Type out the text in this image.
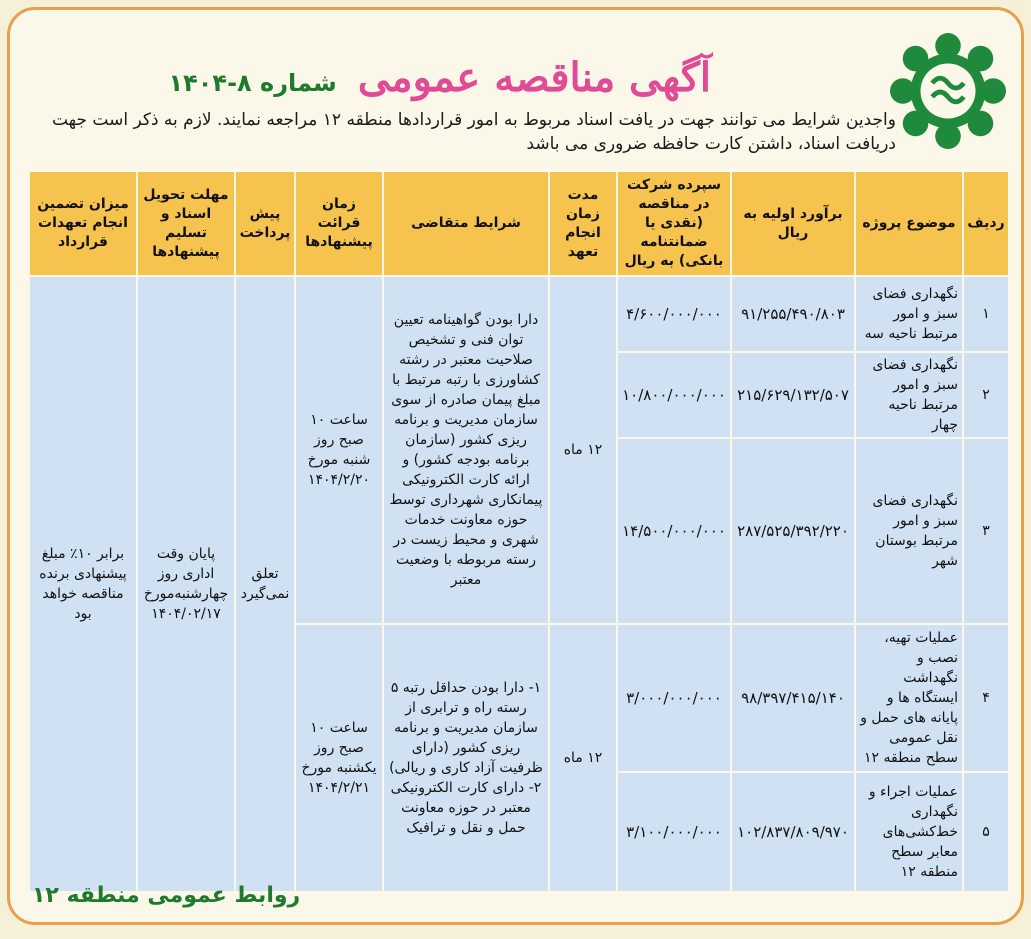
آگهی مناقصه عمومی شماره ۸-۱۴۰۴
واجدین شرایط می توانند جهت در یافت اسناد مربوط به امور قراردادها منطقه ۱۲ مراجعه نمایند. لازم به ذکر است جهت دریافت اسناد، داشتن کارت حافظه ضروری می باشد
ردیف	موضوع پروژه	برآورد اولیه به ریال	سپرده شرکت در مناقصه (نقدی یا ضمانتنامه بانکی) به ریال	مدت زمان انجام تعهد	شرایط متقاضی	زمان قرائت پیشنهادها	پیش پرداخت	مهلت تحویل اسناد و تسلیم پیشنهادها	میزان تضمین انجام تعهدات قرارداد
۱	نگهداری فضای سبز و امور مرتبط ناحیه سه	۹۱/۲۵۵/۴۹۰/۸۰۳	۴/۶۰۰/۰۰۰/۰۰۰	۱۲ ماه	دارا بودن گواهینامه تعیین توان فنی و تشخیص صلاحیت معتبر در رشته کشاورزی با رتبه مرتبط با مبلغ پیمان صادره از سوی سازمان مدیریت و برنامه ریزی کشور (سازمان برنامه بودجه کشور) و ارائه کارت الکترونیکی پیمانکاری شهرداری توسط حوزه معاونت خدمات شهری و محیط زیست در رسته مربوطه با وضعیت معتبر	ساعت ۱۰ صبح روز شنبه مورخ ۱۴۰۴/۲/۲۰	تعلق نمی‌گیرد	پایان وقت اداری روز چهارشنبه‌مورخ ۱۴۰۴/۰۲/۱۷	برابر ۱۰٪ مبلغ پیشنهادی برنده مناقصه خواهد بود
۲	نگهداری فضای سبز و امور مرتبط ناحیه چهار	۲۱۵/۶۲۹/۱۳۲/۵۰۷	۱۰/۸۰۰/۰۰۰/۰۰۰						
۳	نگهداری فضای سبز و امور مرتبط بوستان شهر	۲۸۷/۵۲۵/۳۹۲/۲۲۰	۱۴/۵۰۰/۰۰۰/۰۰۰						
۴	عملیات تهیه، نصب و نگهداشت ایستگاه ها و پایانه های حمل و نقل عمومی سطح منطقه ۱۲	۹۸/۳۹۷/۴۱۵/۱۴۰	۳/۰۰۰/۰۰۰/۰۰۰	۱۲ ماه	۱- دارا بودن حداقل رتبه ۵ رسته راه و ترابری از سازمان مدیریت و برنامه ریزی کشور (دارای ظرفیت آزاد کاری و ریالی) ۲- دارای کارت الکترونیکی معتبر در حوزه معاونت حمل و نقل و ترافیک	ساعت ۱۰ صبح روز یکشنبه مورخ ۱۴۰۴/۲/۲۱			
۵	عملیات اجراء و نگهداری خط‌کشی‌های معابر سطح منطقه ۱۲	۱۰۲/۸۳۷/۸۰۹/۹۷۰	۳/۱۰۰/۰۰۰/۰۰۰						
روابط عمومی منطقه ۱۲
